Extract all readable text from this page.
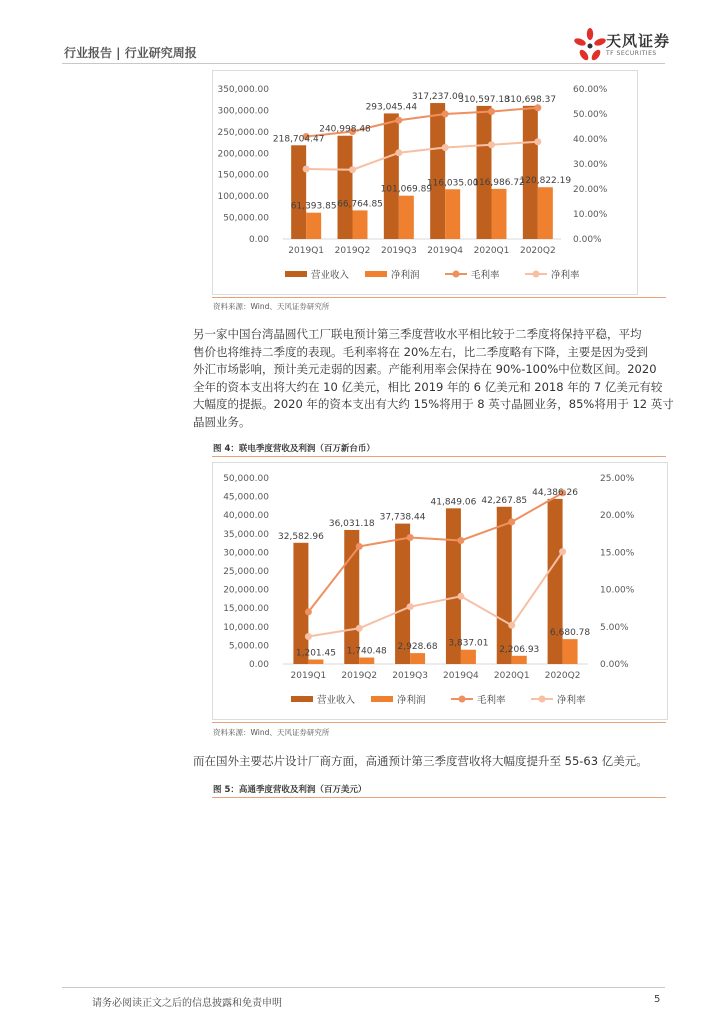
行业报告 | 行业研究周报
天风证券
TF SECURITIES
0.00
50,000.00
100,000.00
150,000.00
200,000.00
250,000.00
300,000.00
350,000.00
0.00%
10.00%
20.00%
30.00%
40.00%
50.00%
60.00%
2019Q1 2019Q2 2019Q3 2019Q4 2020Q1 2020Q2
218,704.47
61,393.85
240,998.48
66,764.85
293,045.44
101,069.89
317,237.00
116,035.00
310,597.18
116,986.72
310,698.37
120,822.19
营业收入	净利润	毛利率	净利率
资料来源：Wind、天风证券研究所
另一家中国台湾晶圆代工厂联电预计第三季度营收水平相比较于二季度将保持平稳，平均
售价也将维持二季度的表现。毛利率将在 20%左右，比二季度略有下降，主要是因为受到
外汇市场影响，预计美元走弱的因素。产能利用率会保持在 90%-100%中位数区间。2020
全年的资本支出将大约在 10 亿美元，相比 2019 年的 6 亿美元和 2018 年的 7 亿美元有较
大幅度的提振。2020 年的资本支出有大约 15%将用于 8 英寸晶圆业务，85%将用于 12 英寸
晶圆业务。
图 4：联电季度营收及利润（百万新台币）
0.00
5,000.00
10,000.00
15,000.00
20,000.00
25,000.00
30,000.00
35,000.00
40,000.00
45,000.00
50,000.00
0.00%
5.00%
10.00%
15.00%
20.00%
25.00%
2019Q1 2019Q2 2019Q3 2019Q4 2020Q1 2020Q2
32,582.96
1,201.45
36,031.18
1,740.48
37,738.44
2,928.68
41,849.06
3,837.01
42,267.85
2,206.93
44,386.26
6,680.78
营业收入	净利润	毛利率	净利率
资料来源：Wind、天风证券研究所
而在国外主要芯片设计厂商方面，高通预计第三季度营收将大幅度提升至 55-63 亿美元。
图 5：高通季度营收及利润（百万美元）
请务必阅读正文之后的信息披露和免责申明	5
